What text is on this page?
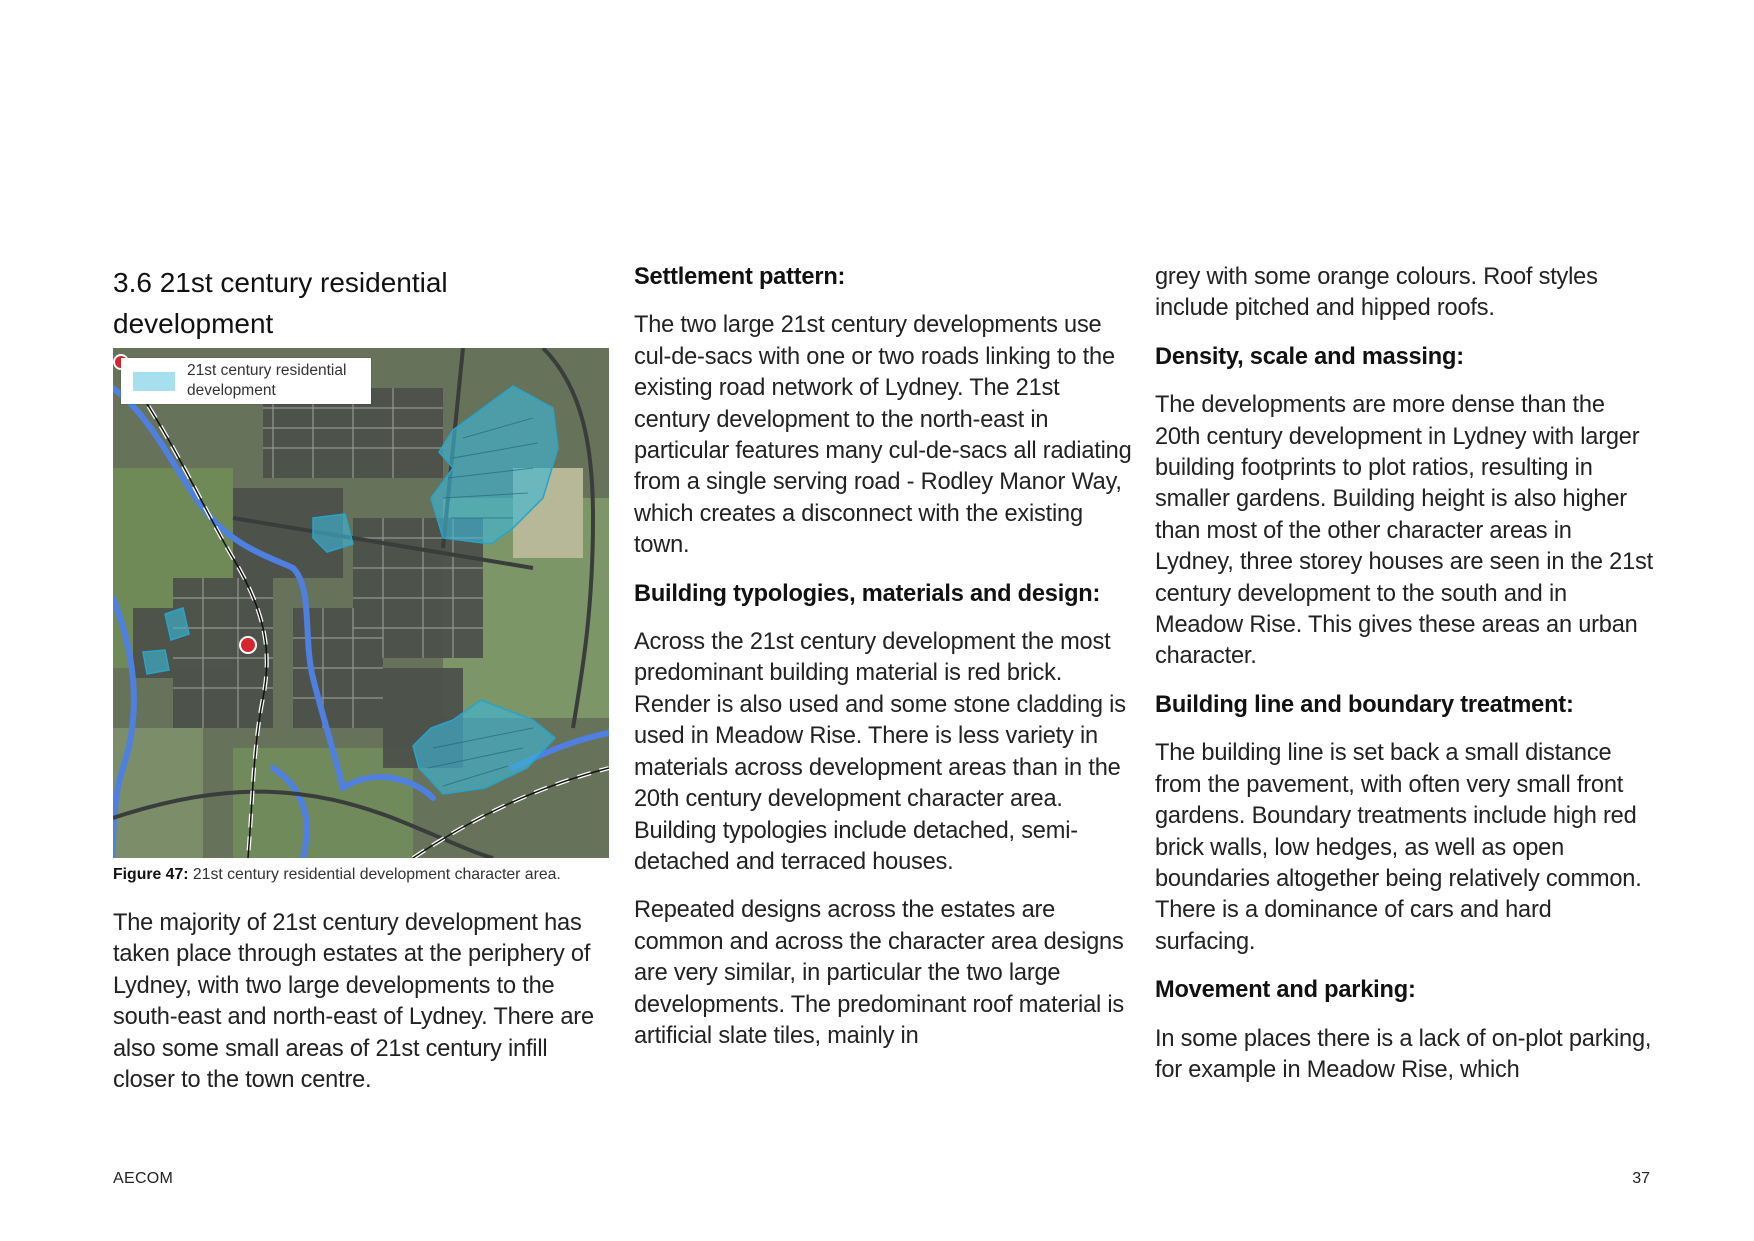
3.6 21st century residential development
21st century residential development
Figure 47: 21st century residential development character area.

The majority of 21st century development has taken place through estates at the periphery of Lydney, with two large developments to the south-east and north-east of Lydney. There are also some small areas of 21st century infill closer to the town centre.

Settlement pattern:

The two large 21st century developments use cul-de-sacs with one or two roads linking to the existing road network of Lydney. The 21st century development to the north-east in particular features many cul-de-sacs all radiating from a single serving road - Rodley Manor Way, which creates a disconnect with the existing town.

Building typologies, materials and design:

Across the 21st century development the most predominant building material is red brick. Render is also used and some stone cladding is used in Meadow Rise. There is less variety in materials across development areas than in the 20th century development character area. Building typologies include detached, semi-detached and terraced houses.

Repeated designs across the estates are common and across the character area designs are very similar, in particular the two large developments. The predominant roof material is artificial slate tiles, mainly in

grey with some orange colours. Roof styles include pitched and hipped roofs.

Density, scale and massing:

The developments are more dense than the 20th century development in Lydney with larger building footprints to plot ratios, resulting in smaller gardens. Building height is also higher than most of the other character areas in Lydney, three storey houses are seen in the 21st century development to the south and in Meadow Rise. This gives these areas an urban character.

Building line and boundary treatment:

The building line is set back a small distance from the pavement, with often very small front gardens. Boundary treatments include high red brick walls, low hedges, as well as open boundaries altogether being relatively common. There is a dominance of cars and hard surfacing.

Movement and parking:

In some places there is a lack of on-plot parking, for example in Meadow Rise, which

AECOM	37
